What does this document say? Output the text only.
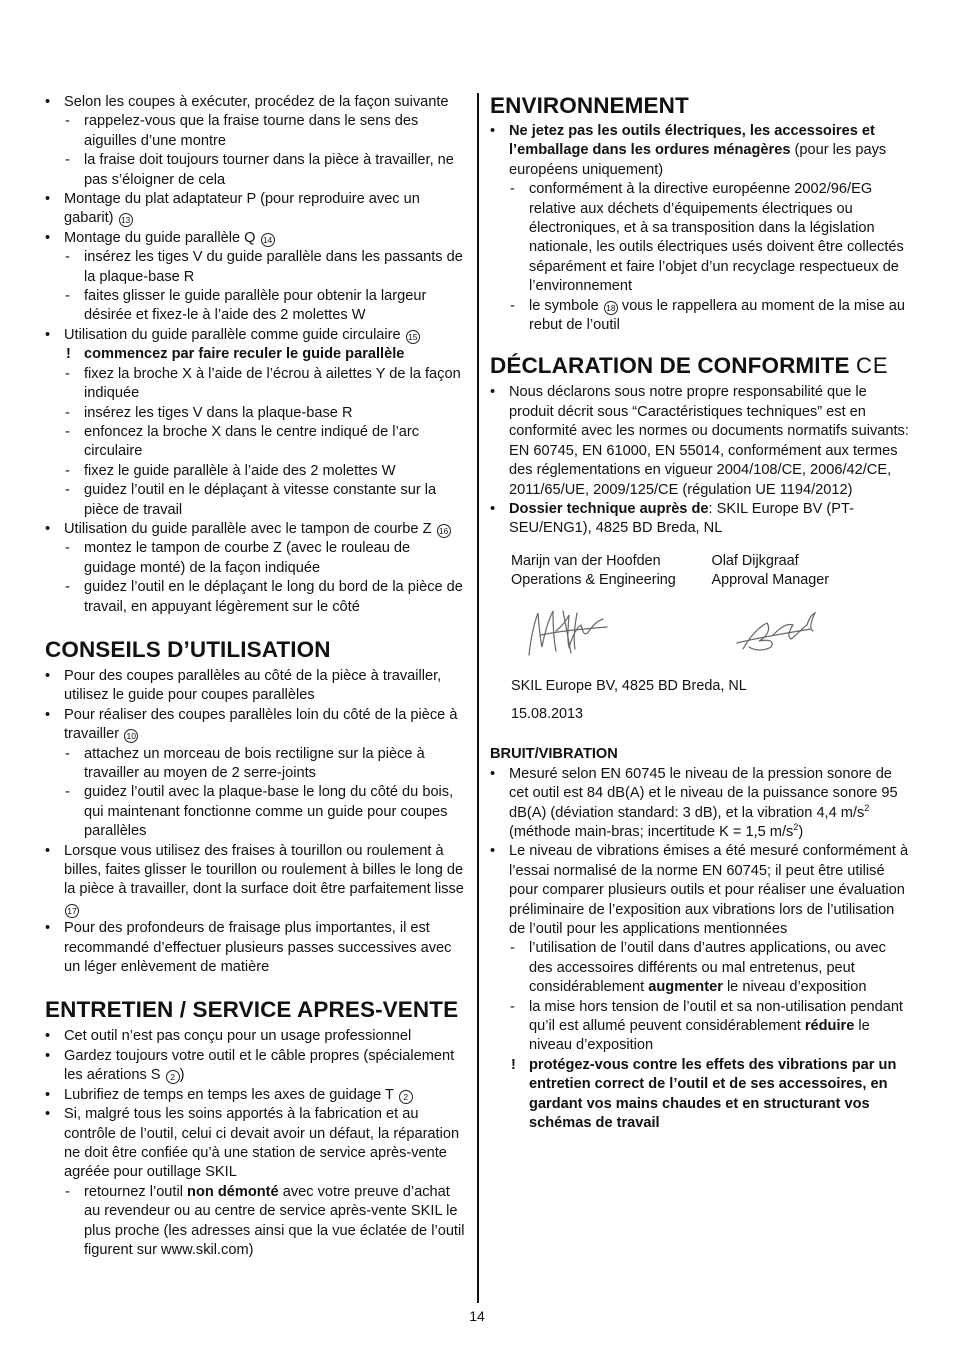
• Selon les coupes à exécuter, procédez de la façon suivante
- rappelez-vous que la fraise tourne dans le sens des aiguilles d’une montre
- la fraise doit toujours tourner dans la pièce à travailler, ne pas s’éloigner de cela
• Montage du plat adaptateur P (pour reproduire avec un gabarit) 13
• Montage du guide parallèle Q 14
- insérez les tiges V du guide parallèle dans les passants de la plaque-base R
- faites glisser le guide parallèle pour obtenir la largeur désirée et fixez-le à l’aide des 2 molettes W
• Utilisation du guide parallèle comme guide circulaire 15
! commencez par faire reculer le guide parallèle
- fixez la broche X à l’aide de l’écrou à ailettes Y de la façon indiquée
- insérez les tiges V dans la plaque-base R
- enfoncez la broche X dans le centre indiqué de l’arc circulaire
- fixez le guide parallèle à l’aide des 2 molettes W
- guidez l’outil en le déplaçant à vitesse constante sur la pièce de travail
• Utilisation du guide parallèle avec le tampon de courbe Z 16
- montez le tampon de courbe Z (avec le rouleau de guidage monté) de la façon indiquée
- guidez l’outil en le déplaçant le long du bord de la pièce de travail, en appuyant légèrement sur le côté
CONSEILS D’UTILISATION
• Pour des coupes parallèles au côté de la pièce à travailler, utilisez le guide pour coupes parallèles
• Pour réaliser des coupes parallèles loin du côté de la pièce à travailler 10
- attachez un morceau de bois rectiligne sur la pièce à travailler au moyen de 2 serre-joints
- guidez l’outil avec la plaque-base le long du côté du bois, qui maintenant fonctionne comme un guide pour coupes parallèles
• Lorsque vous utilisez des fraises à tourillon ou roulement à billes, faites glisser le tourillon ou roulement à billes le long de la pièce à travailler, dont la surface doit être parfaitement lisse 17
• Pour des profondeurs de fraisage plus importantes, il est recommandé d’effectuer plusieurs passes successives avec un léger enlèvement de matière
ENTRETIEN / SERVICE APRES-VENTE
• Cet outil n’est pas conçu pour un usage professionnel
• Gardez toujours votre outil et le câble propres (spécialement les aérations S 2 )
• Lubrifiez de temps en temps les axes de guidage T 2
• Si, malgré tous les soins apportés à la fabrication et au contrôle de l’outil, celui ci devait avoir un défaut, la réparation ne doit être confiée qu’à une station de service après-vente agréée pour outillage SKIL
- retournez l’outil non démonté avec votre preuve d’achat au revendeur ou au centre de service après-vente SKIL le plus proche (les adresses ainsi que la vue éclatée de l’outil figurent sur www.skil.com)
ENVIRONNEMENT
• Ne jetez pas les outils électriques, les accessoires et l’emballage dans les ordures ménagères (pour les pays européens uniquement)
- conformément à la directive européenne 2002/96/EG relative aux déchets d’équipements électriques ou électroniques, et à sa transposition dans la législation nationale, les outils électriques usés doivent être collectés séparément et faire l’objet d’un recyclage respectueux de l’environnement
- le symbole 18 vous le rappellera au moment de la mise au rebut de l’outil
DÉCLARATION DE CONFORMITE CE
• Nous déclarons sous notre propre responsabilité que le produit décrit sous “Caractéristiques techniques” est en conformité avec les normes ou documents normatifs suivants: EN 60745, EN 61000, EN 55014, conformément aux termes des réglementations en vigueur 2004/108/CE, 2006/42/CE, 2011/65/UE, 2009/125/CE (régulation UE 1194/2012)
• Dossier technique auprès de: SKIL Europe BV (PT-SEU/ENG1), 4825 BD Breda, NL
Marijn van der Hoofden
Operations & Engineering
Olaf Dijkgraaf
Approval Manager
SKIL Europe BV, 4825 BD Breda, NL
15.08.2013
BRUIT/VIBRATION
• Mesuré selon EN 60745 le niveau de la pression sonore de cet outil est 84 dB(A) et le niveau de la puissance sonore 95 dB(A) (déviation standard: 3 dB), et la vibration 4,4 $m/s^2$ (méthode main-bras; incertitude K = 1,5 $m/s^2$)
• Le niveau de vibrations émises a été mesuré conformément à l’essai normalisé de la norme EN 60745; il peut être utilisé pour comparer plusieurs outils et pour réaliser une évaluation préliminaire de l’exposition aux vibrations lors de l’utilisation de l’outil pour les applications mentionnées
- l’utilisation de l’outil dans d’autres applications, ou avec des accessoires différents ou mal entretenus, peut considérablement augmenter le niveau d’exposition
- la mise hors tension de l’outil et sa non-utilisation pendant qu’il est allumé peuvent considérablement réduire le niveau d’exposition
! protégez-vous contre les effets des vibrations par un entretien correct de l’outil et de ses accessoires, en gardant vos mains chaudes et en structurant vos schémas de travail
14
